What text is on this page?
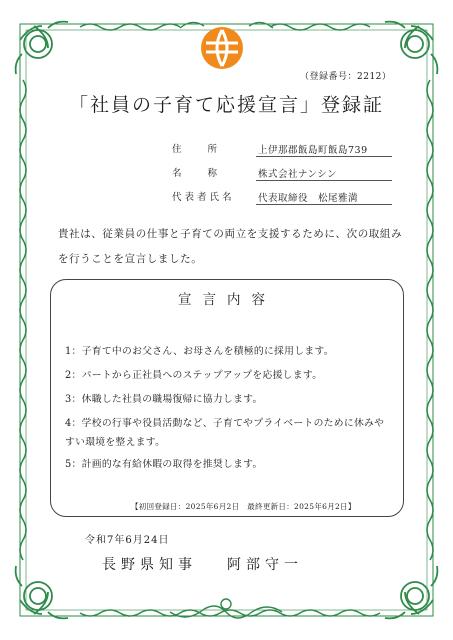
（登録番号：2212）
「社員の子育て応援宣言」登録証
住所 上伊那郡飯島町飯島739
名称 株式会社ナンシン
代表者氏名	代表取締役　松尾雅満
貴社は、従業員の仕事と子育ての両立を支援するために、次の取組みを行うことを宣言しました。
宣言内容
1：子育て中のお父さん、お母さんを積極的に採用します。
2：パートから正社員へのステップアップを応援します。
3：休職した社員の職場復帰に協力します。
4：学校の行事や役員活動など、子育てやプライベートのために休みやすい環境を整えます。
5：計画的な有給休暇の取得を推奨します。
【初回登録日：2025年6月2日　最終更新日：2025年6月2日】
令和7年6月24日
長野県知事 阿部守一
